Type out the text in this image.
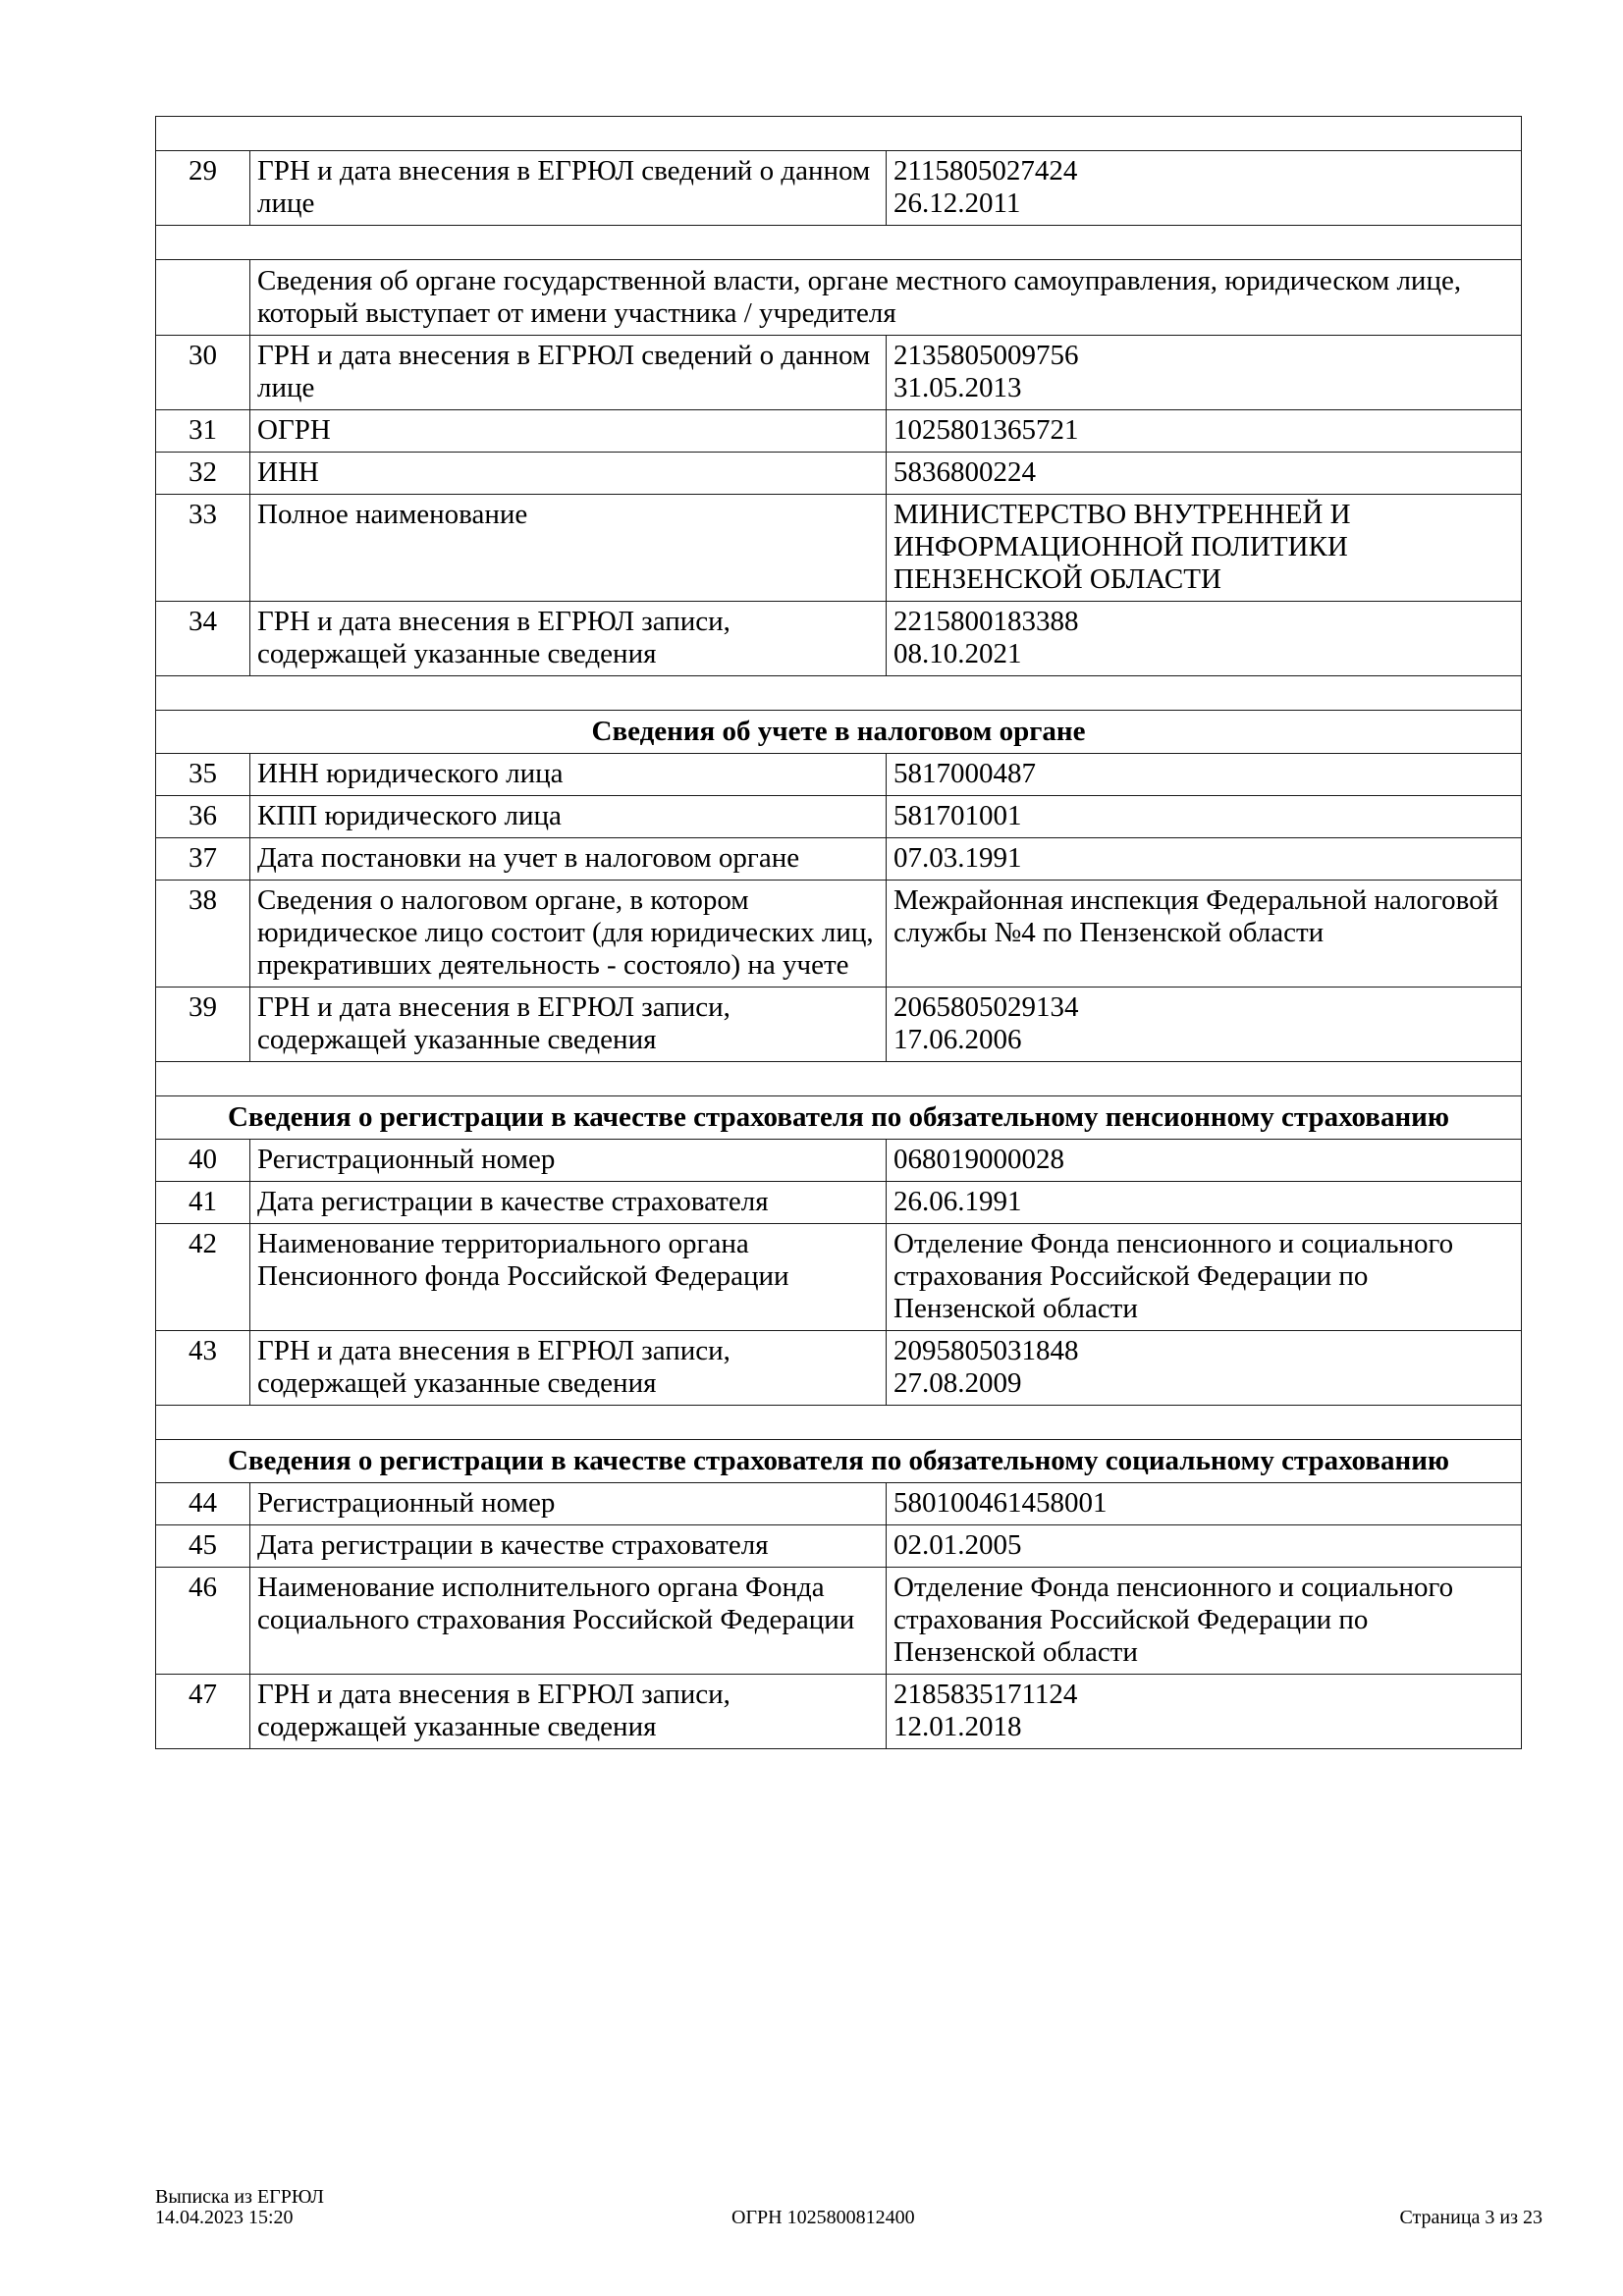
29	ГРН и дата внесения в ЕГРЮЛ сведений о данном лице	2115805027424
26.12.2011

	Сведения об органе государственной власти, органе местного самоуправления, юридическом лице, который выступает от имени участника / учредителя	
30	ГРН и дата внесения в ЕГРЮЛ сведений о данном лице	2135805009756
31.05.2013
31	ОГРН	1025801365721
32	ИНН	5836800224
33	Полное наименование	МИНИСТЕРСТВО ВНУТРЕННЕЙ И ИНФОРМАЦИОННОЙ ПОЛИТИКИ ПЕНЗЕНСКОЙ ОБЛАСТИ
34	ГРН и дата внесения в ЕГРЮЛ записи, содержащей указанные сведения	2215800183388
08.10.2021

Сведения об учете в налоговом органе		
35	ИНН юридического лица	5817000487
36	КПП юридического лица	581701001
37	Дата постановки на учет в налоговом органе	07.03.1991
38	Сведения о налоговом органе, в котором юридическое лицо состоит (для юридических лиц, прекративших деятельность - состояло) на учете	Межрайонная инспекция Федеральной налоговой службы №4 по Пензенской области
39	ГРН и дата внесения в ЕГРЮЛ записи, содержащей указанные сведения	2065805029134
17.06.2006

Сведения о регистрации в качестве страхователя по обязательному пенсионному страхованию		
40	Регистрационный номер	068019000028
41	Дата регистрации в качестве страхователя	26.06.1991
42	Наименование территориального органа Пенсионного фонда Российской Федерации	Отделение Фонда пенсионного и социального страхования Российской Федерации по Пензенской области
43	ГРН и дата внесения в ЕГРЮЛ записи, содержащей указанные сведения	2095805031848
27.08.2009

Сведения о регистрации в качестве страхователя по обязательному социальному страхованию		
44	Регистрационный номер	580100461458001
45	Дата регистрации в качестве страхователя	02.01.2005
46	Наименование исполнительного органа Фонда социального страхования Российской Федерации	Отделение Фонда пенсионного и социального страхования Российской Федерации по Пензенской области
47	ГРН и дата внесения в ЕГРЮЛ записи, содержащей указанные сведения	2185835171124
12.01.2018
Выписка из ЕГРЮЛ
14.04.2023 15:20	ОГРН 1025800812400	Страница 3 из 23
